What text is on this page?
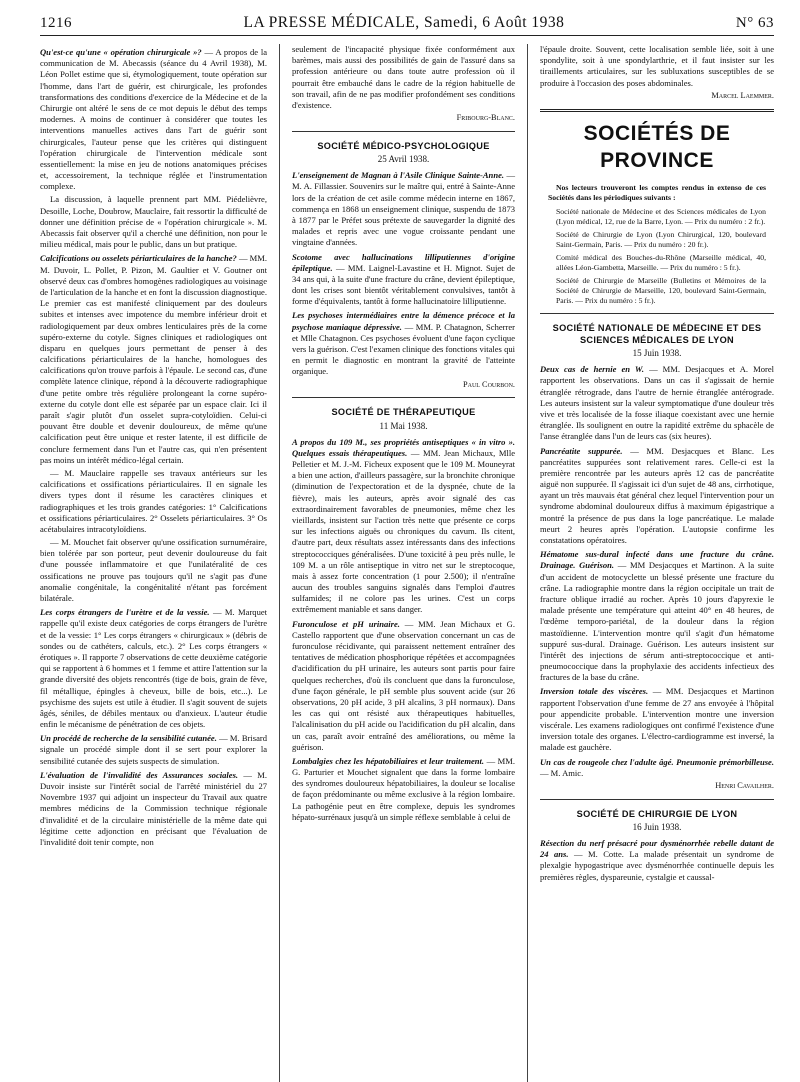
1216	LA PRESSE MÉDICALE, Samedi, 6 Août 1938	N° 63

Qu'est-ce qu'une « opération chirurgicale »? — A propos de la communication de M. Abecassis (séance du 4 Avril 1938), M. Léon Pollet estime que si, étymologiquement, toute opération sur l'homme, dans l'art de guérir, est chirurgicale, les profondes transformations des conditions d'exercice de la Médecine et de la Chirurgie ont altéré le sens de ce mot depuis le début des temps modernes. A moins de continuer à considérer que toutes les interventions manuelles actives dans l'art de guérir sont chirurgicales, l'auteur pense que les critères qui distinguent l'opération chirurgicale de l'intervention médicale sont essentiellement: la mise en jeu de notions anatomiques précises et, accessoirement, la technique réglée et l'instrumentation complexe.

La discussion, à laquelle prennent part MM. Piédelièvre, Desoille, Loche, Doubrow, Mauclaire, fait ressortir la difficulté de donner une définition précise de « l'opération chirurgicale ». M. Abecassis fait observer qu'il a cherché une définition, non pour le milieu médical, mais pour le public, dans un but pratique.

Calcifications ou osselets périarticulaires de la hanche? — MM. M. Duvoir, L. Pollet, P. Pizon, M. Gaultier et V. Goutner ont observé deux cas d'ombres homogènes radiologiques au voisinage de l'articulation de la hanche et en font la discussion diagnostique. Le premier cas est manifesté cliniquement par des douleurs subites et intenses avec impotence du membre inférieur droit et radiologiquement par deux ombres lenticulaires près de la corne supéro-externe du cotyle. Signes cliniques et radiologiques ont disparu en quelques jours permettant de penser à des calcifications périarticulaires de la hanche, homologues des calcifications qu'on trouve parfois à l'épaule. Le second cas, d'une complète latence clinique, répond à la découverte radiographique d'une petite ombre très régulière prolongeant la corne supéro-externe du cotyle dont elle est séparée par un espace clair. Ici il paraît s'agir plutôt d'un osselet supra-cotyloïdien. Celui-ci pouvant être double et devenir douloureux, de même qu'une calcification peut être unique et rester latente, il est difficile de conclure fermement dans l'un et l'autre cas, qui n'en présentent pas moins un intérêt médico-légal certain.

— M. Mauclaire rappelle ses travaux antérieurs sur les calcifications et ossifications périarticulaires. Il en signale les divers types dont il résume les caractères cliniques et radiographiques et les trois grandes catégories: 1° Calcifications et ossifications périarticulaires. 2° Osselets périarticulaires. 3° Os acétabulaires intracotyloïdiens.

— M. Mouchet fait observer qu'une ossification surnuméraire, bien tolérée par son porteur, peut devenir douloureuse du fait d'une poussée inflammatoire et que l'unilatéralité de ces ossifications ne prouve pas toujours qu'il ne s'agit pas d'une anomalie congénitale, la congénitalité n'étant pas forcément bilatérale.

Les corps étrangers de l'urètre et de la vessie. — M. Marquet rappelle qu'il existe deux catégories de corps étrangers de l'urètre et de la vessie: 1° Les corps étrangers « chirurgicaux » (débris de sondes ou de cathéters, calculs, etc.). 2° Les corps étrangers « érotiques ». Il rapporte 7 observations de cette deuxième catégorie qui se rapportent à 6 hommes et 1 femme et attire l'attention sur la grande diversité des objets rencontrés (tige de bois, grain de fève, fil métallique, épingles à cheveux, bille de bois, etc...). Le psychisme des sujets est utile à étudier. Il s'agit souvent de sujets âgés, séniles, de débiles mentaux ou d'anxieux. L'auteur étudie enfin le mécanisme de pénétration de ces objets.

Un procédé de recherche de la sensibilité cutanée. — M. Brisard signale un procédé simple dont il se sert pour explorer la sensibilité cutanée des sujets suspects de simulation.

L'évaluation de l'invalidité des Assurances sociales. — M. Duvoir insiste sur l'intérêt social de l'arrêté ministériel du 27 Novembre 1937 qui adjoint un inspecteur du Travail aux quatre membres médicins de la Commission technique régionale d'invalidité et de la circulaire ministérielle de la même date qui légitime cette adjonction en précisant que l'évaluation de l'invalidité doit tenir compte, non

seulement de l'incapacité physique fixée conformément aux barèmes, mais aussi des possibilités de gain de l'assuré dans sa profession antérieure ou dans toute autre profession où il pourrait être embauché dans le cadre de la région habituelle de son travail, afin de ne pas modifier profondément ses conditions d'existence.

Fribourg-Blanc.
SOCIÉTÉ MÉDICO-PSYCHOLOGIQUE
25 Avril 1938.

L'enseignement de Magnan à l'Asile Clinique Sainte-Anne. — M. A. Fillassier. Souvenirs sur le maître qui, entré à Sainte-Anne lors de la création de cet asile comme médecin interne en 1867, commença en 1868 un enseignement clinique, suspendu de 1873 à 1877 par le Préfet sous prétexte de sauvegarder la dignité des malades et repris avec une vogue croissante pendant une vingtaine d'années.

Scotome avec hallucinations lilliputiennes d'origine épileptique. — MM. Laignel-Lavastine et H. Mignot. Sujet de 34 ans qui, à la suite d'une fracture du crâne, devient épileptique, dont les crises sont bientôt véritablement convulsives, tantôt à forme d'équivalents, tantôt à forme hallucinatoire lilliputienne.

Les psychoses intermédiaires entre la démence précoce et la psychose maniaque dépressive. — MM. P. Chatagnon, Scherrer et Mlle Chatagnon. Ces psychoses évoluent d'une façon cyclique vers la guérison. C'est l'examen clinique des fonctions vitales qui en permit le diagnostic en montrant la gravité de l'atteinte organique.

Paul Courbon.
SOCIÉTÉ DE THÉRAPEUTIQUE
11 Mai 1938.

A propos du 109 M., ses propriétés antiseptiques « in vitro ». Quelques essais thérapeutiques. — MM. Jean Michaux, Mlle Pelletier et M. J.-M. Ficheux exposent que le 109 M. Mouneyrat a bien une action, d'ailleurs passagère, sur la bronchite chronique (diminution de l'expectoration et de la dyspnée, chute de la fièvre), mais les auteurs, après avoir signalé des cas extraordinairement favorables de pneumonies, même chez les vieillards, insistent sur l'action très nette que présente ce corps sur les infections aiguës ou chroniques du cavum. Ils citent, d'autre part, deux résultats assez intéressants dans des infections streptococciques généralisées. D'une toxicité à peu près nulle, le 109 M. a un rôle antiseptique in vitro net sur le streptocoque, mais à assez forte concentration (1 pour 2.500); il n'entraîne aucun des troubles sanguins signalés dans l'emploi d'autres sulfamides; il ne colore pas les urines. C'est un corps extrêmement maniable et sans danger.

Furonculose et pH urinaire. — MM. Jean Michaux et G. Castello rapportent que d'une observation concernant un cas de furonculose récidivante, qui paraissent nettement entraîner des tentatives de médication phosphorique répétées et accompagnées d'acidification du pH urinaire, les auteurs sont partis pour faire quelques recherches, d'où ils concluent que dans la furonculose, d'une façon générale, le pH semble plus souvent acide (sur 26 observations, 20 pH acide, 3 pH alcalins, 3 pH normaux). Dans les cas qui ont résisté aux thérapeutiques habituelles, l'alcalinisation du pH acide ou l'acidification du pH alcalin, dans un cas, paraît avoir entraîné des améliorations, ou même la guérison.

Lombalgies chez les hépatobiliaires et leur traitement. — MM. G. Parturier et Mouchet signalent que dans la forme lombaire des syndromes douloureux hépatobiliaires, la douleur se localise de façon prédominante ou même exclusive à la région lombaire. La pathogénie peut en être complexe, depuis les syndromes hépato-surrénaux jusqu'à un simple réflexe semblable à celui de

l'épaule droite. Souvent, cette localisation semble liée, soit à une spondylite, soit à une spondylarthrie, et il faut insister sur les tiraillements articulaires, sur les subluxations susceptibles de se produire à l'occasion des poses abdominales.

Marcel Laemmer.
SOCIÉTÉS DE PROVINCE

Nos lecteurs trouveront les comptes rendus in extenso de ces Sociétés dans les périodiques suivants :

Société nationale de Médecine et des Sciences médicales de Lyon (Lyon médical, 12, rue de la Barre, Lyon. — Prix du numéro : 2 fr.).

Société de Chirurgie de Lyon (Lyon Chirurgical, 120, boulevard Saint-Germain, Paris. — Prix du numéro : 20 fr.).

Comité médical des Bouches-du-Rhône (Marseille médical, 40, allées Léon-Gambetta, Marseille. — Prix du numéro : 5 fr.).

Société de Chirurgie de Marseille (Bulletins et Mémoires de la Société de Chirurgie de Marseille, 120, boulevard Saint-Germain, Paris. — Prix du numéro : 5 fr.).

SOCIÉTÉ NATIONALE DE MÉDECINE ET DES SCIENCES MÉDICALES DE LYON
15 Juin 1938.

Deux cas de hernie en W. — MM. Desjacques et A. Morel rapportent les observations. Dans un cas il s'agissait de hernie étranglée rétrograde, dans l'autre de hernie étranglée antérograde. Les auteurs insistent sur la valeur symptomatique d'une douleur très vive et très localisée de la fosse iliaque coexistant avec une hernie étranglée. Ils soulignent en outre la rapidité extrême du sphacèle de l'anse étranglée dans l'un de leurs cas (six heures).

Pancréatite suppurée. — MM. Desjacques et Blanc. Les pancréatites suppurées sont relativement rares. Celle-ci est la première rencontrée par les auteurs après 12 cas de pancréatite aiguë non suppurée. Il s'agissait ici d'un sujet de 48 ans, cirrhotique, ayant un très mauvais état général chez lequel l'intervention pour un syndrome abdominal douloureux diffus à maximum épigastrique a montré la présence de pus dans la loge pancréatique. Le malade meurt 2 heures après l'opération. L'autopsie confirme les constatations opératoires.

Hématome sus-dural infecté dans une fracture du crâne. Drainage. Guérison. — MM Desjacques et Martinon. A la suite d'un accident de motocyclette un blessé présente une fracture du crâne. La radiographie montre dans la région occipitale un trait de fracture oblique irradié au rocher. Après 10 jours d'apyrexie le malade présente une température qui atteint 40° en 48 heures, de l'œdème temporo-pariétal, de la douleur dans la région mastoïdienne. L'intervention montre qu'il s'agit d'un hématome suppuré sus-dural. Drainage. Guérison. Les auteurs insistent sur l'intérêt des injections de sérum anti-streptococcique et anti-pneumococcique dans la prophylaxie des accidents infectieux des fractures de la base du crâne.

Inversion totale des viscères. — MM. Desjacques et Martinon rapportent l'observation d'une femme de 27 ans envoyée à l'hôpital pour appendicite probable. L'intervention montre une inversion viscérale. Les examens radiologiques ont confirmé l'existence d'une inversion totale des organes. L'électro-cardiogramme est inversé, la malade est gauchère.

Un cas de rougeole chez l'adulte âgé. Pneumonie prémorbilleuse. — M. Amic.

Henri Cavailher.
SOCIÉTÉ DE CHIRURGIE DE LYON
16 Juin 1938.

Résection du nerf présacré pour dysménorrhée rebelle datant de 24 ans. — M. Cotte. La malade présentait un syndrome de plexalgie hypogastrique avec dysménorrhée continuelle depuis les premières règles, dyspareunie, cystalgie et caussal-
